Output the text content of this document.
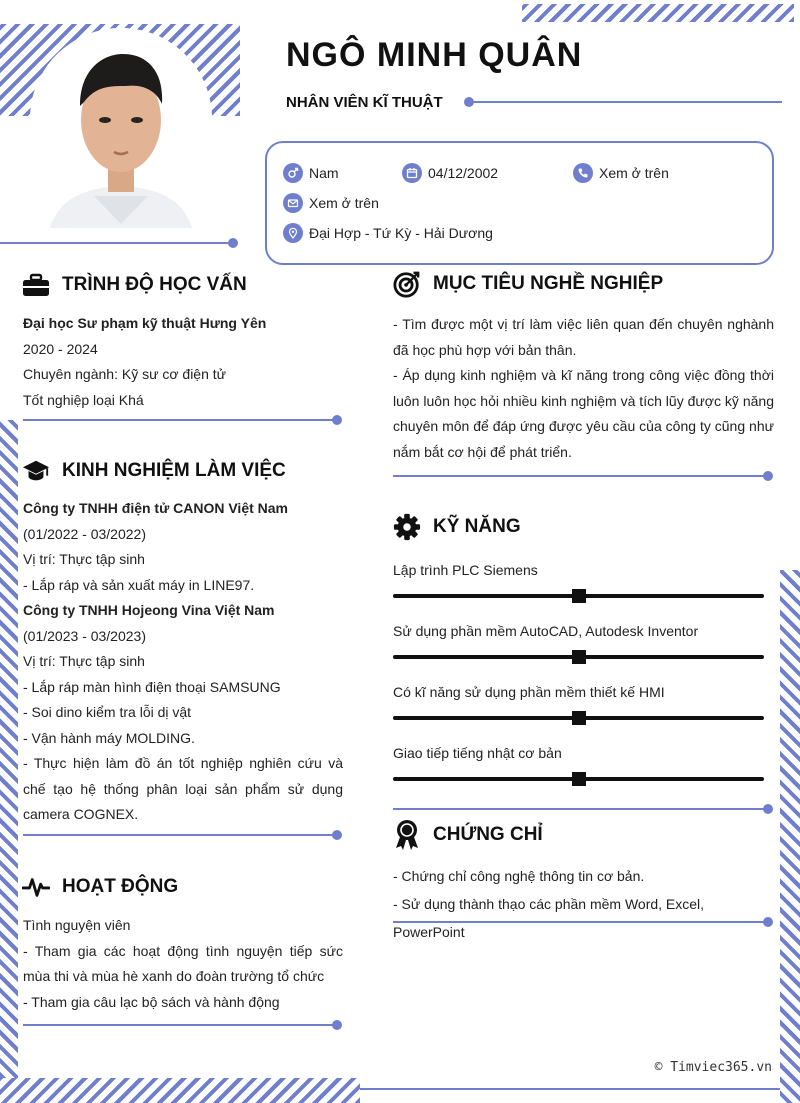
NGÔ MINH QUÂN
NHÂN VIÊN KĨ THUẬT
Nam	04/12/2002	Xem ở trên
Xem ở trên
Đại Hợp - Tứ Kỳ - Hải Dương
TRÌNH ĐỘ HỌC VẤN
Đại học Sư phạm kỹ thuật Hưng Yên
2020 - 2024
Chuyên ngành: Kỹ sư cơ điện tử
Tốt nghiệp loại Khá
KINH NGHIỆM LÀM VIỆC
Công ty TNHH điện tử CANON Việt Nam
(01/2022 - 03/2022)
Vị trí: Thực tập sinh
- Lắp ráp và sản xuất máy in LINE97.
Công ty TNHH Hojeong Vina Việt Nam
(01/2023 - 03/2023)
Vị trí: Thực tập sinh
- Lắp ráp màn hình điện thoại SAMSUNG
- Soi dino kiểm tra lỗi dị vật
- Vận hành máy MOLDING.
- Thực hiện làm đồ án tốt nghiệp nghiên cứu và chế tạo hệ thống phân loại sản phẩm sử dụng camera COGNEX.
HOẠT ĐỘNG
Tình nguyện viên
- Tham gia các hoạt động tình nguyện tiếp sức mùa thi và mùa hè xanh do đoàn trường tổ chức
- Tham gia câu lạc bộ sách và hành động
MỤC TIÊU NGHỀ NGHIỆP
- Tìm được một vị trí làm việc liên quan đến chuyên nghành đã học phù hợp với bản thân.
- Áp dụng kinh nghiệm và kĩ năng trong công việc đồng thời luôn luôn học hỏi nhiều kinh nghiệm và tích lũy được kỹ năng chuyên môn để đáp ứng được yêu cầu của công ty cũng như nắm bắt cơ hội để phát triển.
KỸ NĂNG
Lập trình PLC Siemens
Sử dụng phần mềm AutoCAD, Autodesk Inventor
Có kĩ năng sử dụng phần mềm thiết kế HMI
Giao tiếp tiếng nhật cơ bản
CHỨNG CHỈ
- Chứng chỉ công nghệ thông tin cơ bản.
- Sử dụng thành thạo các phần mềm Word, Excel, PowerPoint
© Timviec365.vn
